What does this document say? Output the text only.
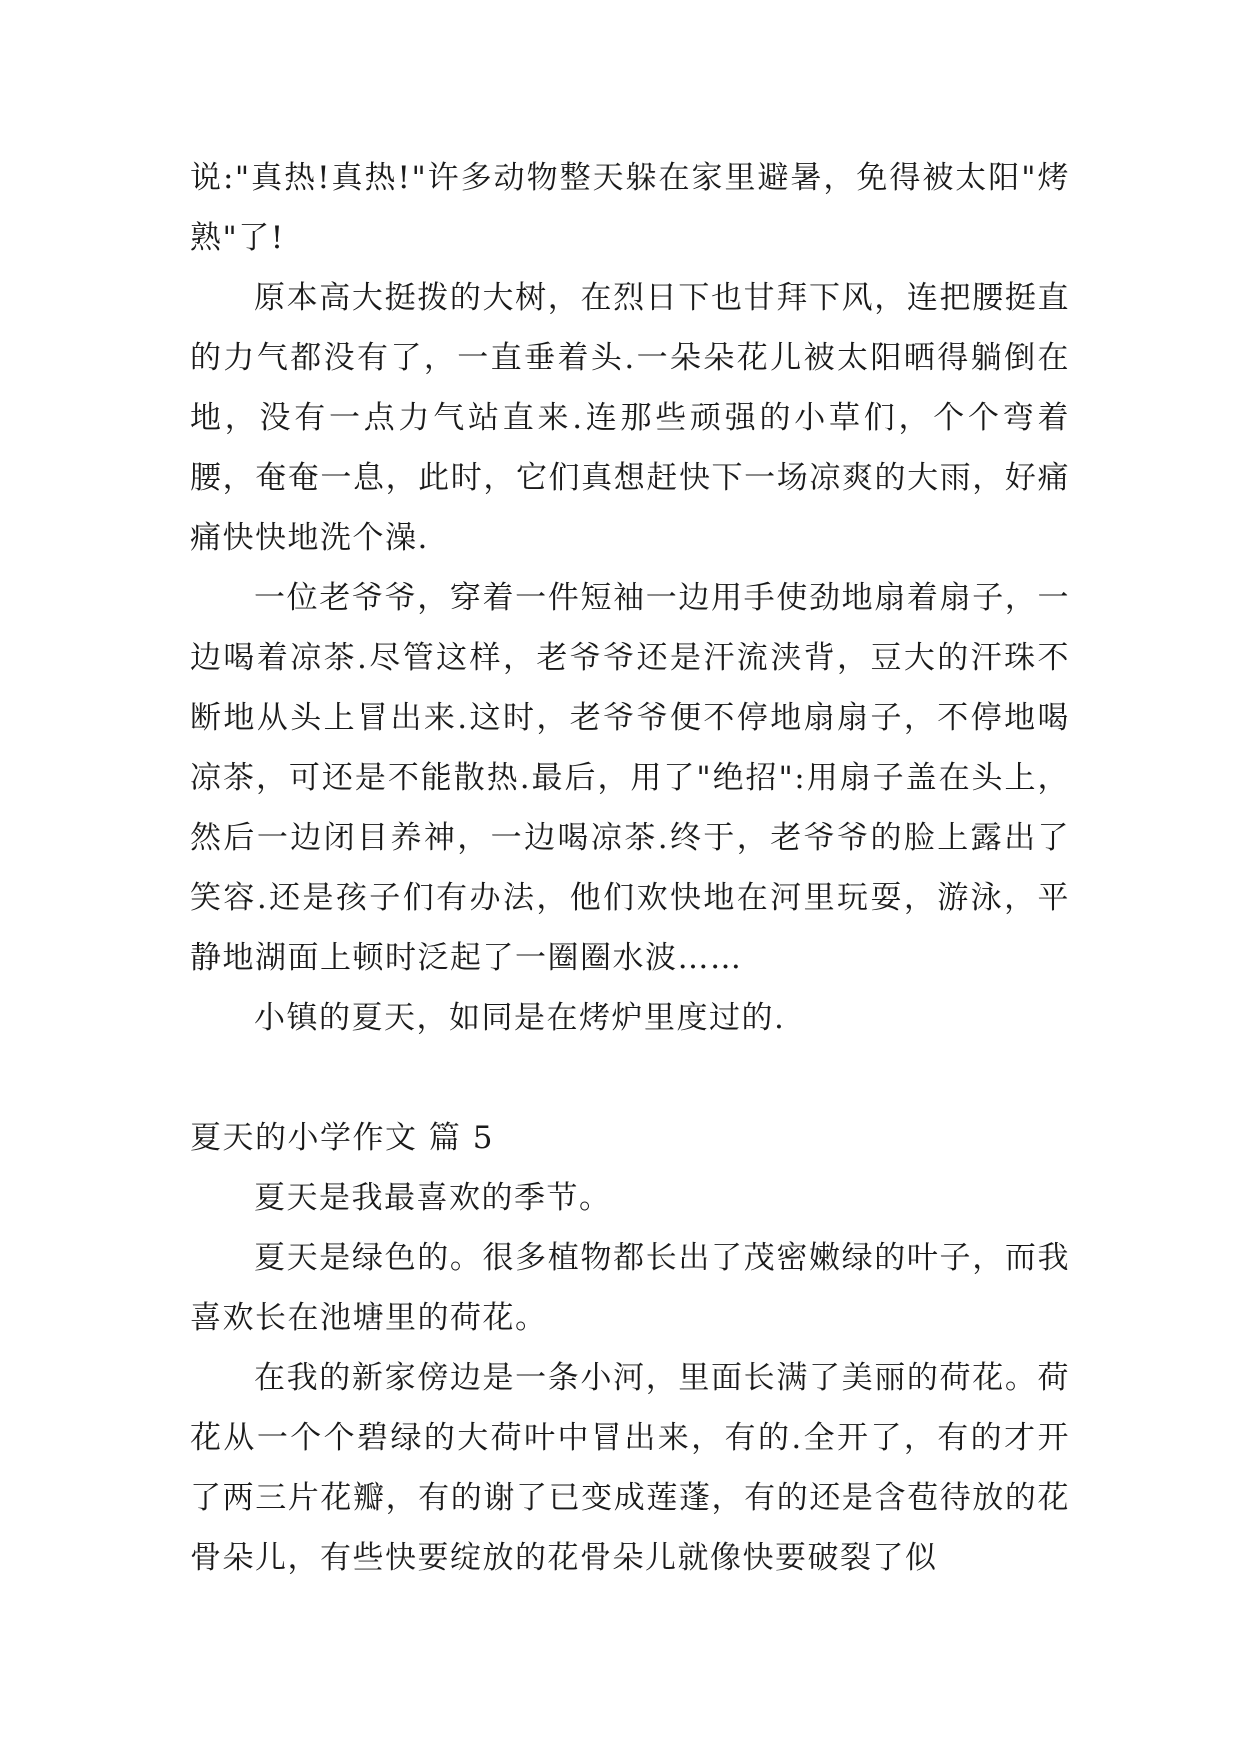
说:"真热!真热!"许多动物整天躲在家里避暑，免得被太阳"烤熟"了!

原本高大挺拨的大树，在烈日下也甘拜下风，连把腰挺直的力气都没有了，一直垂着头.一朵朵花儿被太阳晒得躺倒在地，没有一点力气站直来.连那些顽强的小草们，个个弯着腰，奄奄一息，此时，它们真想赶快下一场凉爽的大雨，好痛痛快快地洗个澡.

一位老爷爷，穿着一件短袖一边用手使劲地扇着扇子，一边喝着凉茶.尽管这样，老爷爷还是汗流浃背，豆大的汗珠不断地从头上冒出来.这时，老爷爷便不停地扇扇子，不停地喝凉茶，可还是不能散热.最后，用了"绝招":用扇子盖在头上，然后一边闭目养神，一边喝凉茶.终于，老爷爷的脸上露出了笑容.还是孩子们有办法，他们欢快地在河里玩耍，游泳，平静地湖面上顿时泛起了一圈圈水波……

小镇的夏天，如同是在烤炉里度过的.

夏天的小学作文 篇 5

夏天是我最喜欢的季节。

夏天是绿色的。很多植物都长出了茂密嫩绿的叶子，而我喜欢长在池塘里的荷花。

在我的新家傍边是一条小河，里面长满了美丽的荷花。荷花从一个个碧绿的大荷叶中冒出来，有的.全开了，有的才开了两三片花瓣，有的谢了已变成莲蓬，有的还是含苞待放的花骨朵儿，有些快要绽放的花骨朵儿就像快要破裂了似
